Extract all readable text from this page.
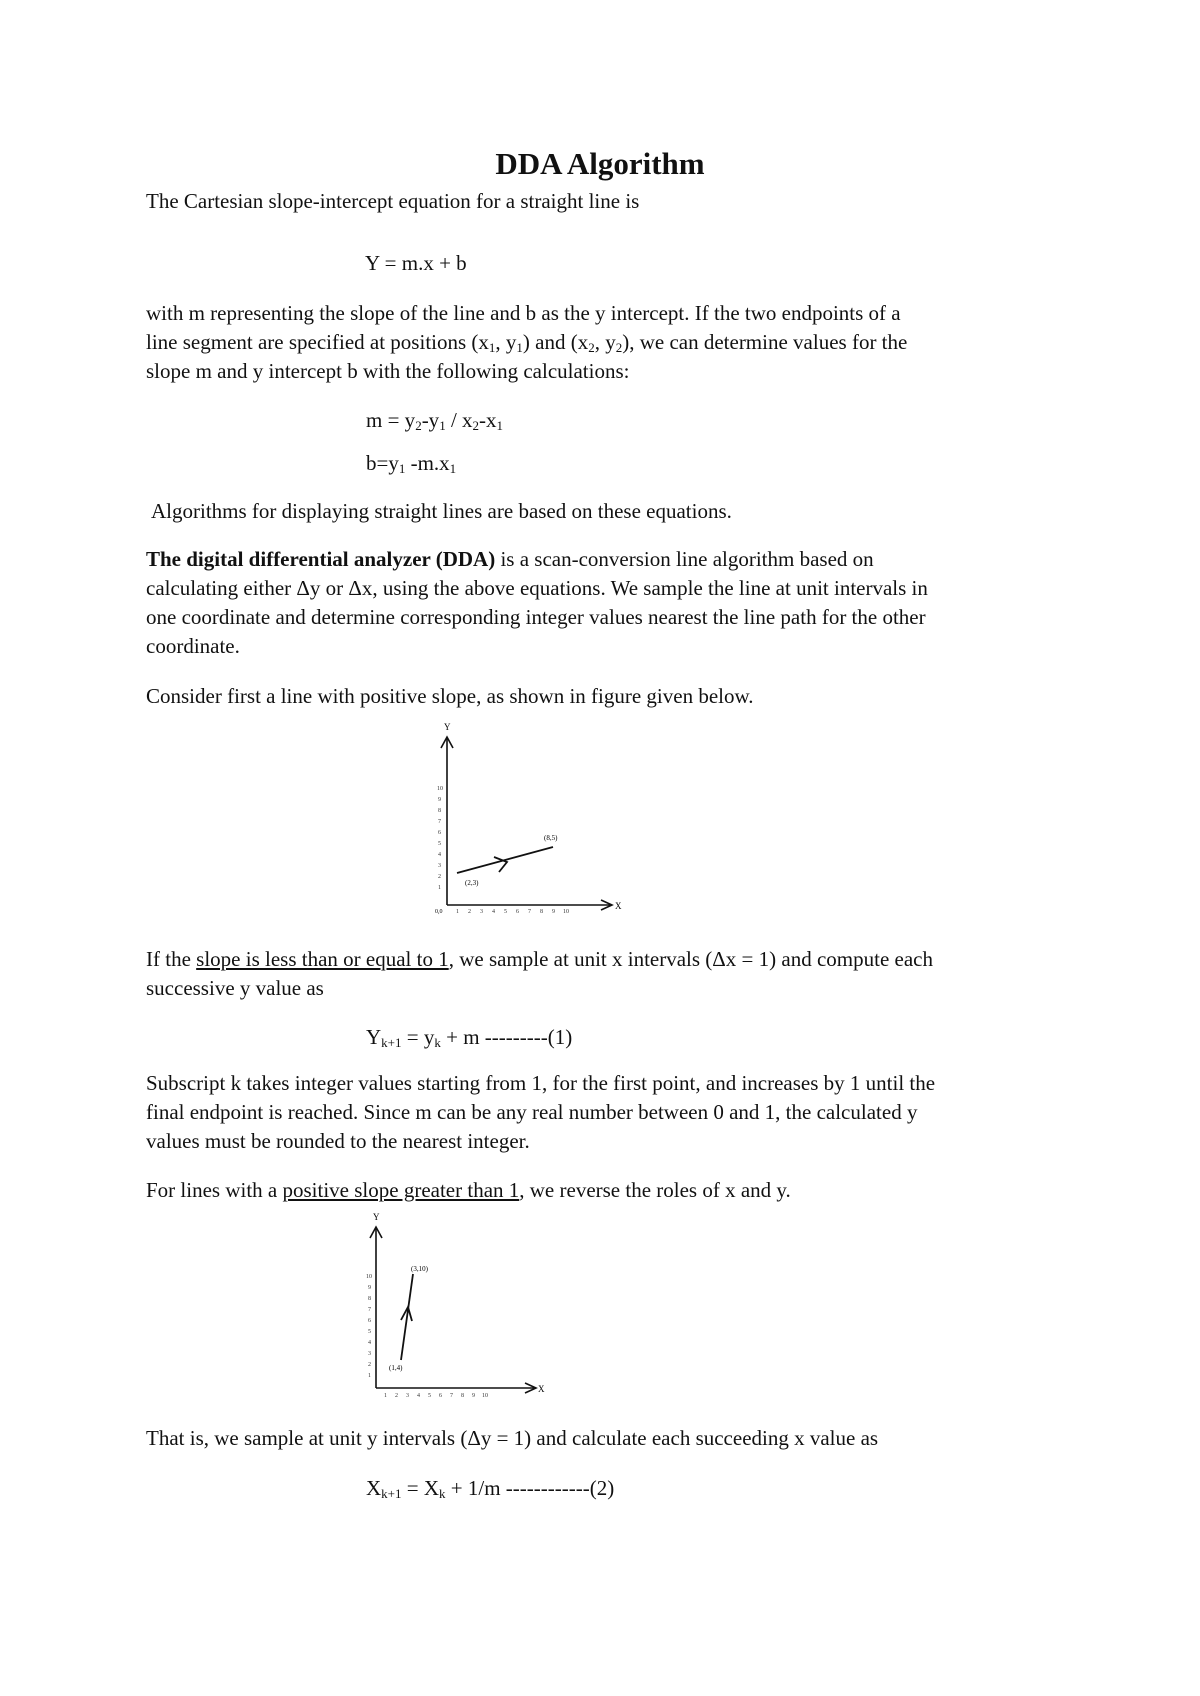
DDA Algorithm
The Cartesian slope-intercept equation for a straight line is
Y = m.x + b
with m representing the slope of the line and b as the y intercept. If the two endpoints of a
line segment are specified at positions ($x_1$, $y_1$) and ($x_2$, $y_2$), we can determine values for the
slope m and y intercept b with the following calculations:
$m = y_2-y_1 / x_2-x_1$
$b=y_1$ $-m.x_1$
Algorithms for displaying straight lines are based on these equations.
The digital differential analyzer (DDA) is a scan-conversion line algorithm based on
calculating either Δy or Δx, using the above equations. We sample the line at unit intervals in
one coordinate and determine corresponding integer values nearest the line path for the other
coordinate.
Consider first a line with positive slope, as shown in figure given below.
Y
X
0,0
10
9
8
7
6
5
4
3
2
1
1 2 3 4 5 6 7 8 9 10
(2,3)
(8,5)
If the slope is less than or equal to 1, we sample at unit x intervals (Δx = 1) and compute each
successive y value as
$Y_{k+1} = y_k + m$ ---------(1)
Subscript k takes integer values starting from 1, for the first point, and increases by 1 until the
final endpoint is reached. Since m can be any real number between 0 and 1, the calculated y
values must be rounded to the nearest integer.
For lines with a positive slope greater than 1, we reverse the roles of x and y.
Y
X
10
9
8
7
6
5
4
3
2
1
1 2 3 4 5 6 7 8 9 10
(1,4)
(3,10)
That is, we sample at unit y intervals (Δy = 1) and calculate each succeeding x value as
$X_{k+1} = X_k + 1/m$ ------------(2)
